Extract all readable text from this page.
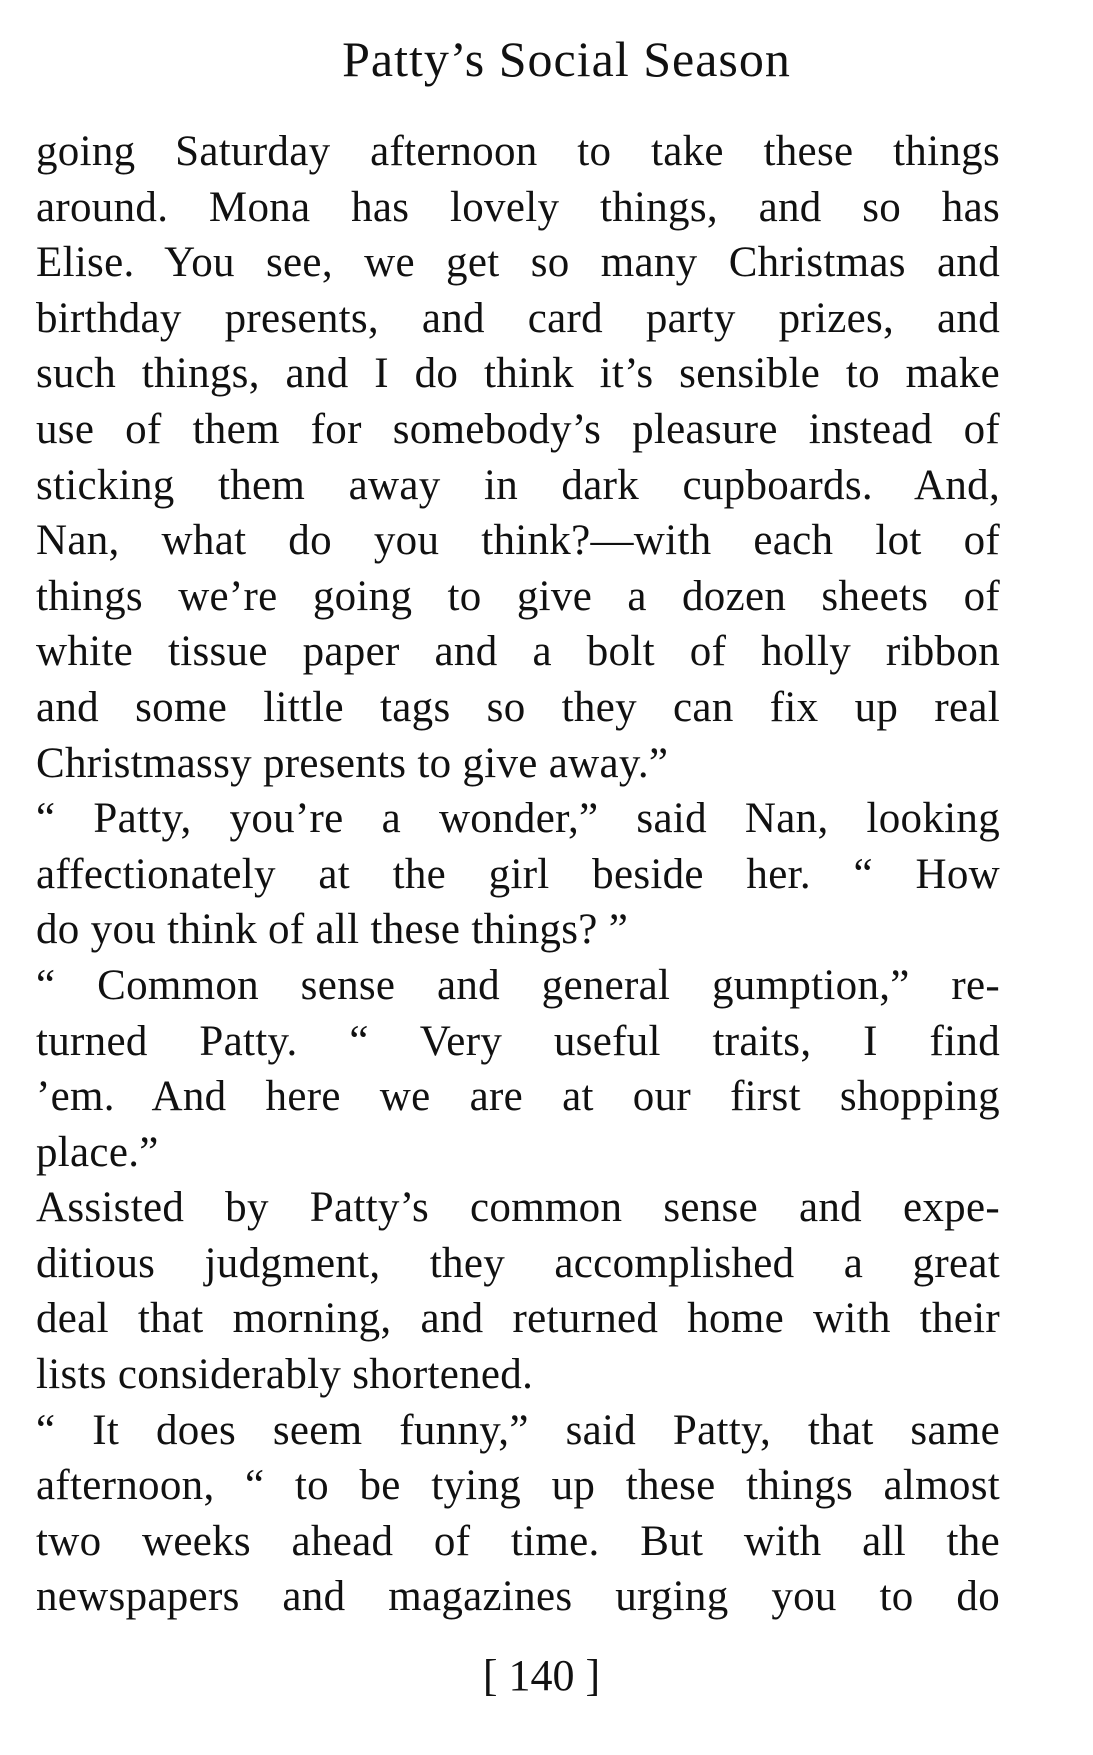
Patty’s Social Season
going Saturday afternoon to take these things
around. Mona has lovely things, and so has
Elise. You see, we get so many Christmas and
birthday presents, and card party prizes, and
such things, and I do think it’s sensible to make
use of them for somebody’s pleasure instead of
sticking them away in dark cupboards. And,
Nan, what do you think?—with each lot of
things we’re going to give a dozen sheets of
white tissue paper and a bolt of holly ribbon
and some little tags so they can fix up real
Christmassy presents to give away.”
“ Patty, you’re a wonder,” said Nan, looking
affectionately at the girl beside her. “ How
do you think of all these things? ”
“ Common sense and general gumption,” re-
turned Patty. “ Very useful traits, I find
’em. And here we are at our first shopping
place.”
Assisted by Patty’s common sense and expe-
ditious judgment, they accomplished a great
deal that morning, and returned home with their
lists considerably shortened.
“ It does seem funny,” said Patty, that same
afternoon, “ to be tying up these things almost
two weeks ahead of time. But with all the
newspapers and magazines urging you to do
[ 140 ]
